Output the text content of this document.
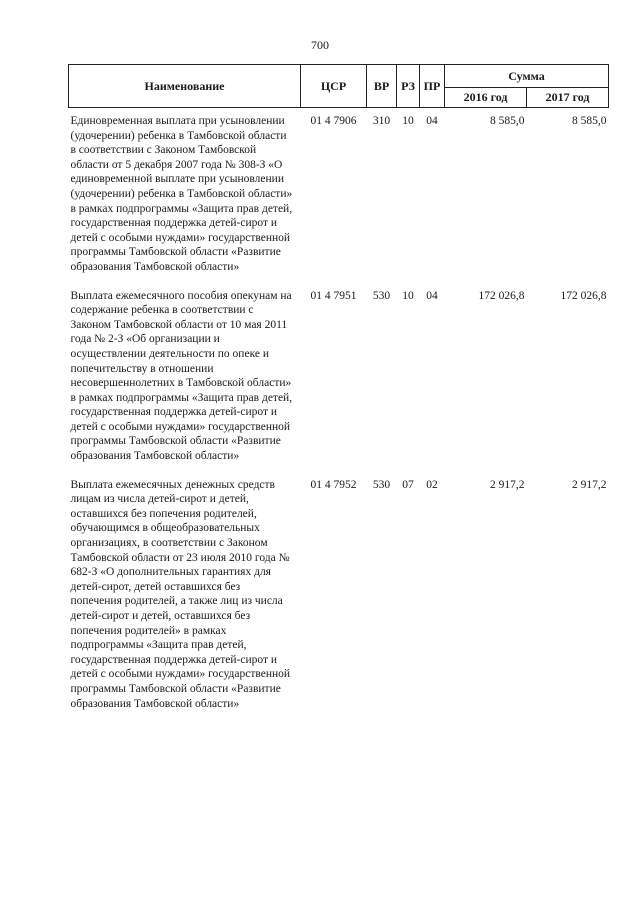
700
Наименование	ЦСР	ВР	РЗ	ПР	Сумма	
					2016 год	2017 год
Единовременная выплата при усыновлении (удочерении) ребенка в Тамбовской области в соответствии с Законом Тамбовской области от 5 декабря 2007 года № 308-З «О единовременной выплате при усыновлении (удочерении) ребенка в Тамбовской области» в рамках подпрограммы «Защита прав детей, государственная поддержка детей-сирот и детей с особыми нуждами» государственной программы Тамбовской области «Развитие образования Тамбовской области»	01 4 7906	310	10	04	8 585,0	8 585,0
Выплата ежемесячного пособия опекунам на содержание ребенка в соответствии с Законом Тамбовской области от 10 мая 2011 года № 2-З «Об организации и осуществлении деятельности по опеке и попечительству в отношении несовершеннолетних в Тамбовской области» в рамках подпрограммы «Защита прав детей, государственная поддержка детей-сирот и детей с особыми нуждами» государственной программы Тамбовской области «Развитие образования Тамбовской области»	01 4 7951	530	10	04	172 026,8	172 026,8
Выплата ежемесячных денежных средств лицам из числа детей-сирот и детей, оставшихся без попечения родителей, обучающимся в общеобразовательных организациях, в соответствии с Законом Тамбовской области от 23 июля 2010 года № 682-З «О дополнительных гарантиях для детей-сирот, детей оставшихся без попечения родителей, а также лиц из числа детей-сирот и детей, оставшихся без попечения родителей» в рамках подпрограммы «Защита прав детей, государственная поддержка детей-сирот и детей с особыми нуждами» государственной программы Тамбовской области «Развитие образования Тамбовской области»	01 4 7952	530	07	02	2 917,2	2 917,2
